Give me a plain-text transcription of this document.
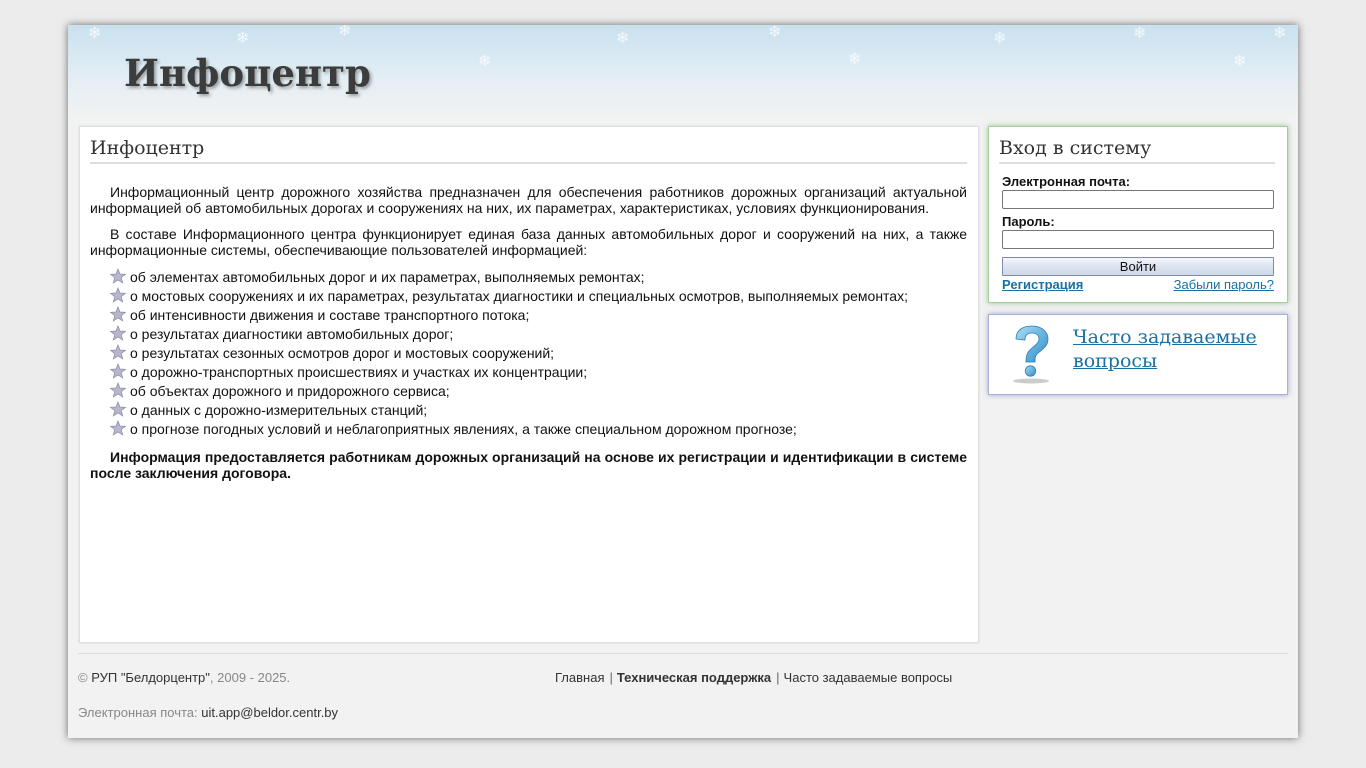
❄	❄	❄
❄
❄	❄
❄
❄	❄
❄
❄
Инфоцентр
Инфоцентр

Информационный центр дорожного хозяйства предназначен для обеспечения работников дорожных организаций актуальной информацией об автомобильных дорогах и сооружениях на них, их параметрах, характеристиках, условиях функционирования.

В составе Информационного центра функционирует единая база данных автомобильных дорог и сооружений на них, а также информационные системы, обеспечивающие пользователей информацией:

об элементах автомобильных дорог и их параметрах, выполняемых ремонтах;
о мостовых сооружениях и их параметрах, результатах диагностики и специальных осмотров, выполняемых ремонтах;
об интенсивности движения и составе транспортного потока;
о результатах диагностики автомобильных дорог;
о результатах сезонных осмотров дорог и мостовых сооружений;
о дорожно-транспортных происшествиях и участках их концентрации;
об объектах дорожного и придорожного сервиса;
о данных с дорожно-измерительных станций;
о прогнозе погодных условий и неблагоприятных явлениях, а также специальном дорожном прогнозе;

Информация предоставляется работникам дорожных организаций на основе их регистрации и идентификации в системе после заключения договора.

Вход в систему
Электронная почта:
Пароль:
Войти
Регистрация	Забыли пароль?
Часто задаваемые вопросы
© РУП "Белдорцентр", 2009 - 2025.	Главная | Техническая поддержка | Часто задаваемые вопросы
Электронная почта: uit.app@beldor.centr.by
